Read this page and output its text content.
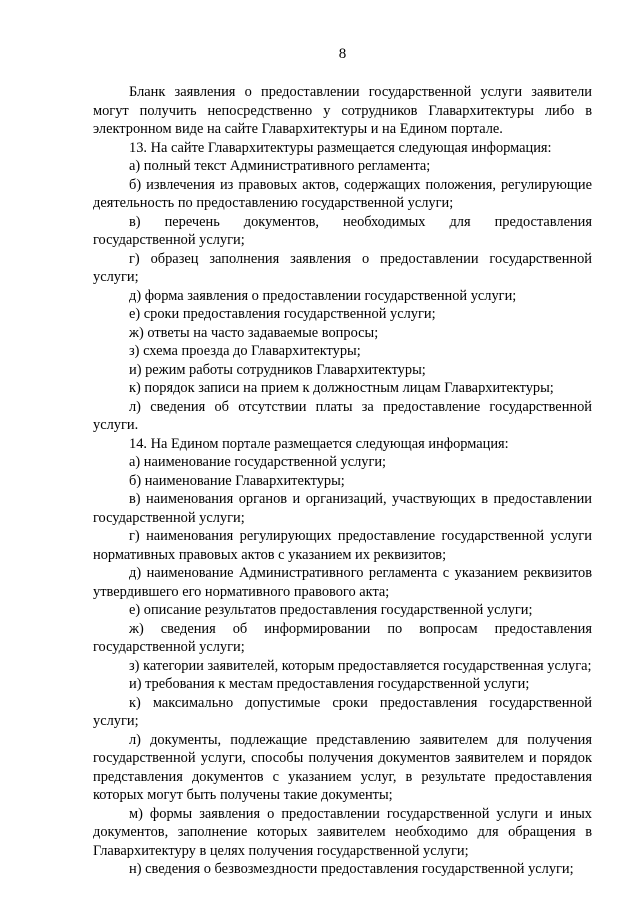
8

Бланк заявления о предоставлении государственной услуги заявители могут получить непосредственно у сотрудников Главархитектуры либо в электронном виде на сайте Главархитектуры и на Едином портале.

13. На сайте Главархитектуры размещается следующая информация:

а) полный текст Административного регламента;

б) извлечения из правовых актов, содержащих положения, регулирующие деятельность по предоставлению государственной услуги;

в) перечень документов, необходимых для предоставления государственной услуги;

г) образец заполнения заявления о предоставлении государственной услуги;

д) форма заявления о предоставлении государственной услуги;

е) сроки предоставления государственной услуги;

ж) ответы на часто задаваемые вопросы;

з) схема проезда до Главархитектуры;

и) режим работы сотрудников Главархитектуры;

к) порядок записи на прием к должностным лицам Главархитектуры;

л) сведения об отсутствии платы за предоставление государственной услуги.

14. На Едином портале размещается следующая информация:

а) наименование государственной услуги;

б) наименование Главархитектуры;

в) наименования органов и организаций, участвующих в предоставлении государственной услуги;

г) наименования регулирующих предоставление государственной услуги нормативных правовых актов с указанием их реквизитов;

д) наименование Административного регламента с указанием реквизитов утвердившего его нормативного правового акта;

е) описание результатов предоставления государственной услуги;

ж) сведения об информировании по вопросам предоставления государственной услуги;

з) категории заявителей, которым предоставляется государственная услуга;

и) требования к местам предоставления государственной услуги;

к) максимально допустимые сроки предоставления государственной услуги;

л) документы, подлежащие представлению заявителем для получения государственной услуги, способы получения документов заявителем и порядок представления документов с указанием услуг, в результате предоставления которых могут быть получены такие документы;

м) формы заявления о предоставлении государственной услуги и иных документов, заполнение которых заявителем необходимо для обращения в Главархитектуру в целях получения государственной услуги;

н) сведения о безвозмездности предоставления государственной услуги;
